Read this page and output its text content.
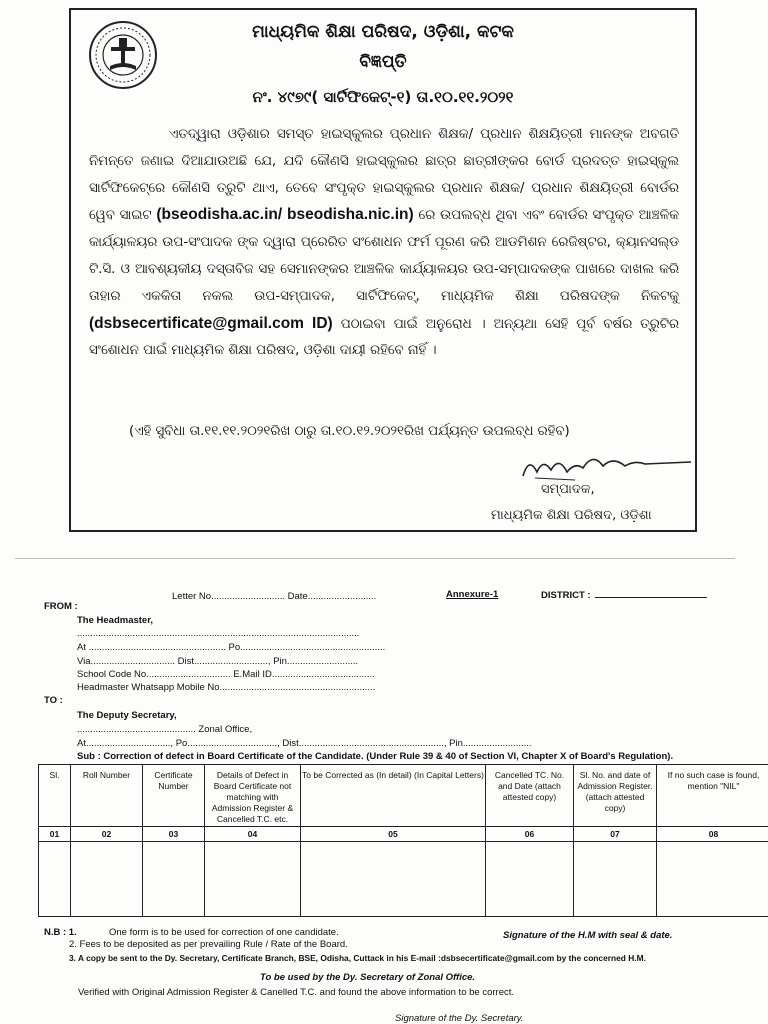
ମାଧ୍ୟମିକ ଶିକ୍ଷା ପରିଷଦ, ଓଡ଼ିଶା, କଟକ
ବିଜ୍ଞପ୍ତି
ନଂ. ୪୯୭୯( ସାର୍ଟିଫିକେଟ୍-୧) ତା.୧୦.୧୧.୨୦୨୧
ଏତଦ୍ୱାରା ଓଡ଼ିଶାର ସମସ୍ତ ହାଇସ୍କୁଲର ପ୍ରଧାନ ଶିକ୍ଷକ/ ପ୍ରଧାନ ଶିକ୍ଷୟିତ୍ରୀ ମାନଙ୍କ ଅବଗତି ନିମନ୍ତେ ଜଣାଇ ଦିଆଯାଉଅଛି ଯେ, ଯଦି କୌଣସି ହାଇସ୍କୁଲର ଛାତ୍ର ଛାତ୍ରୀଙ୍କର ବୋର୍ଡ ପ୍ରଦତ୍ତ ହାଇସ୍କୁଲ ସାର୍ଟିଫିକେଟ୍‌ରେ କୌଣସି ତ୍ରୁଟି ଥାଏ, ତେବେ ସଂପୃକ୍ତ ହାଇସ୍କୁଲର ପ୍ରଧାନ ଶିକ୍ଷକ/ ପ୍ରଧାନ ଶିକ୍ଷୟିତ୍ରୀ ବୋର୍ଡର ୱେବ ସାଇଟ (bseodisha.ac.in/ bseodisha.nic.in) ରେ ଉପଲବ୍ଧ ଥିବା ଏବଂ ବୋର୍ଡର ସଂପୃକ୍ତ ଆଞ୍ଚଳିକ କାର୍ଯ୍ୟାଳୟର ଉପ-ସଂପାଦକ ଙ୍କ ଦ୍ୱାରା ପ୍ରେରିତ ସଂଶୋଧନ ଫର୍ମ ପୂରଣ କରି ଆଡମିଶନ ରେଜିଷ୍ଟର, କ୍ୟାନସଲ୍ଡ ଟି.ସି. ଓ ଆବଶ୍ୟକୀୟ ଦସ୍ତାବିଜ ସହ ସେମାନଙ୍କର ଆଞ୍ଚଳିକ କାର୍ଯ୍ୟାଳୟର ଉପ-ସମ୍ପାଦକଙ୍କ ପାଖରେ ଦାଖଲ କରି ତାହାର ଏକକିତା ନକଲ ଉପ-ସମ୍ପାଦକ, ସାର୍ଟିଫିକେଟ୍, ମାଧ୍ୟମିକ ଶିକ୍ଷା ପରିଷଦଙ୍କ ନିକଟକୁ (dsbsecertificate@gmail.com ID) ପଠାଇବା ପାଇଁ ଅନୁରୋଧ । ଅନ୍ୟଥା ସେହି ପୂର୍ବ ବର୍ଷର ତ୍ରୁଟିର ସଂଶୋଧନ ପାଇଁ ମାଧ୍ୟମିକ ଶିକ୍ଷା ପରିଷଦ, ଓଡ଼ିଶା ଦାୟୀ ରହିବେ ନାହିଁ ।
(ଏହି ସୁବିଧା ତା.୧୧.୧୧.୨୦୨୧ରିଖ ଠାରୁ ତା.୧୦.୧୨.୨୦୨୧ରିଖ ପର୍ଯ୍ୟନ୍ତ ଉପଲବ୍ଧ ରହିବ)
ସମ୍ପାଦକ,
ମାଧ୍ୟମିକ ଶିକ୍ଷା ପରିଷଦ, ଓଡ଼ିଶା
Letter No............................ Date..........................	Annexure-1	DISTRICT :
FROM :
The Headmaster,
...........................................................................................................
At .................................................... Po.......................................................
Via................................ Dist............................, Pin...........................
School Code No................................ E.Mail ID.......................................
Headmaster Whatsapp Mobile No...........................................................
TO :
The Deputy Secretary,
............................................. Zonal Office,
At................................, Po.................................., Dist......................................................., Pin..........................
Sub : Correction of defect in Board Certificate of the Candidate. (Under Rule 39 & 40 of Section VI, Chapter X of Board's Regulation).
Sl.	Roll Number	Certificate Number	Details of Defect in Board Certificate not matching with Admission Register & Cancelled T.C. etc.	To be Corrected as (In detail) (In Capital Letters)	Cancelled TC. No. and Date (attach attested copy)	Sl. No. and date of Admission Register. (attach attested copy)	If no such case is found, mention "NIL"
01	02	03	04	05	06	07	08

N.B : 1.	One form is to be used for correction of one candidate.	Signature of the H.M with seal & date.
2. Fees to be deposited as per prevailing Rule / Rate of the Board.
3. A copy be sent to the Dy. Secretary, Certificate Branch, BSE, Odisha, Cuttack in his E-mail :dsbsecertificate@gmail.com by the concerned H.M.
To be used by the Dy. Secretary of Zonal Office.
Verified with Original Admission Register & Canelled T.C. and found the above information to be correct.
Signature of the Dy. Secretary.
